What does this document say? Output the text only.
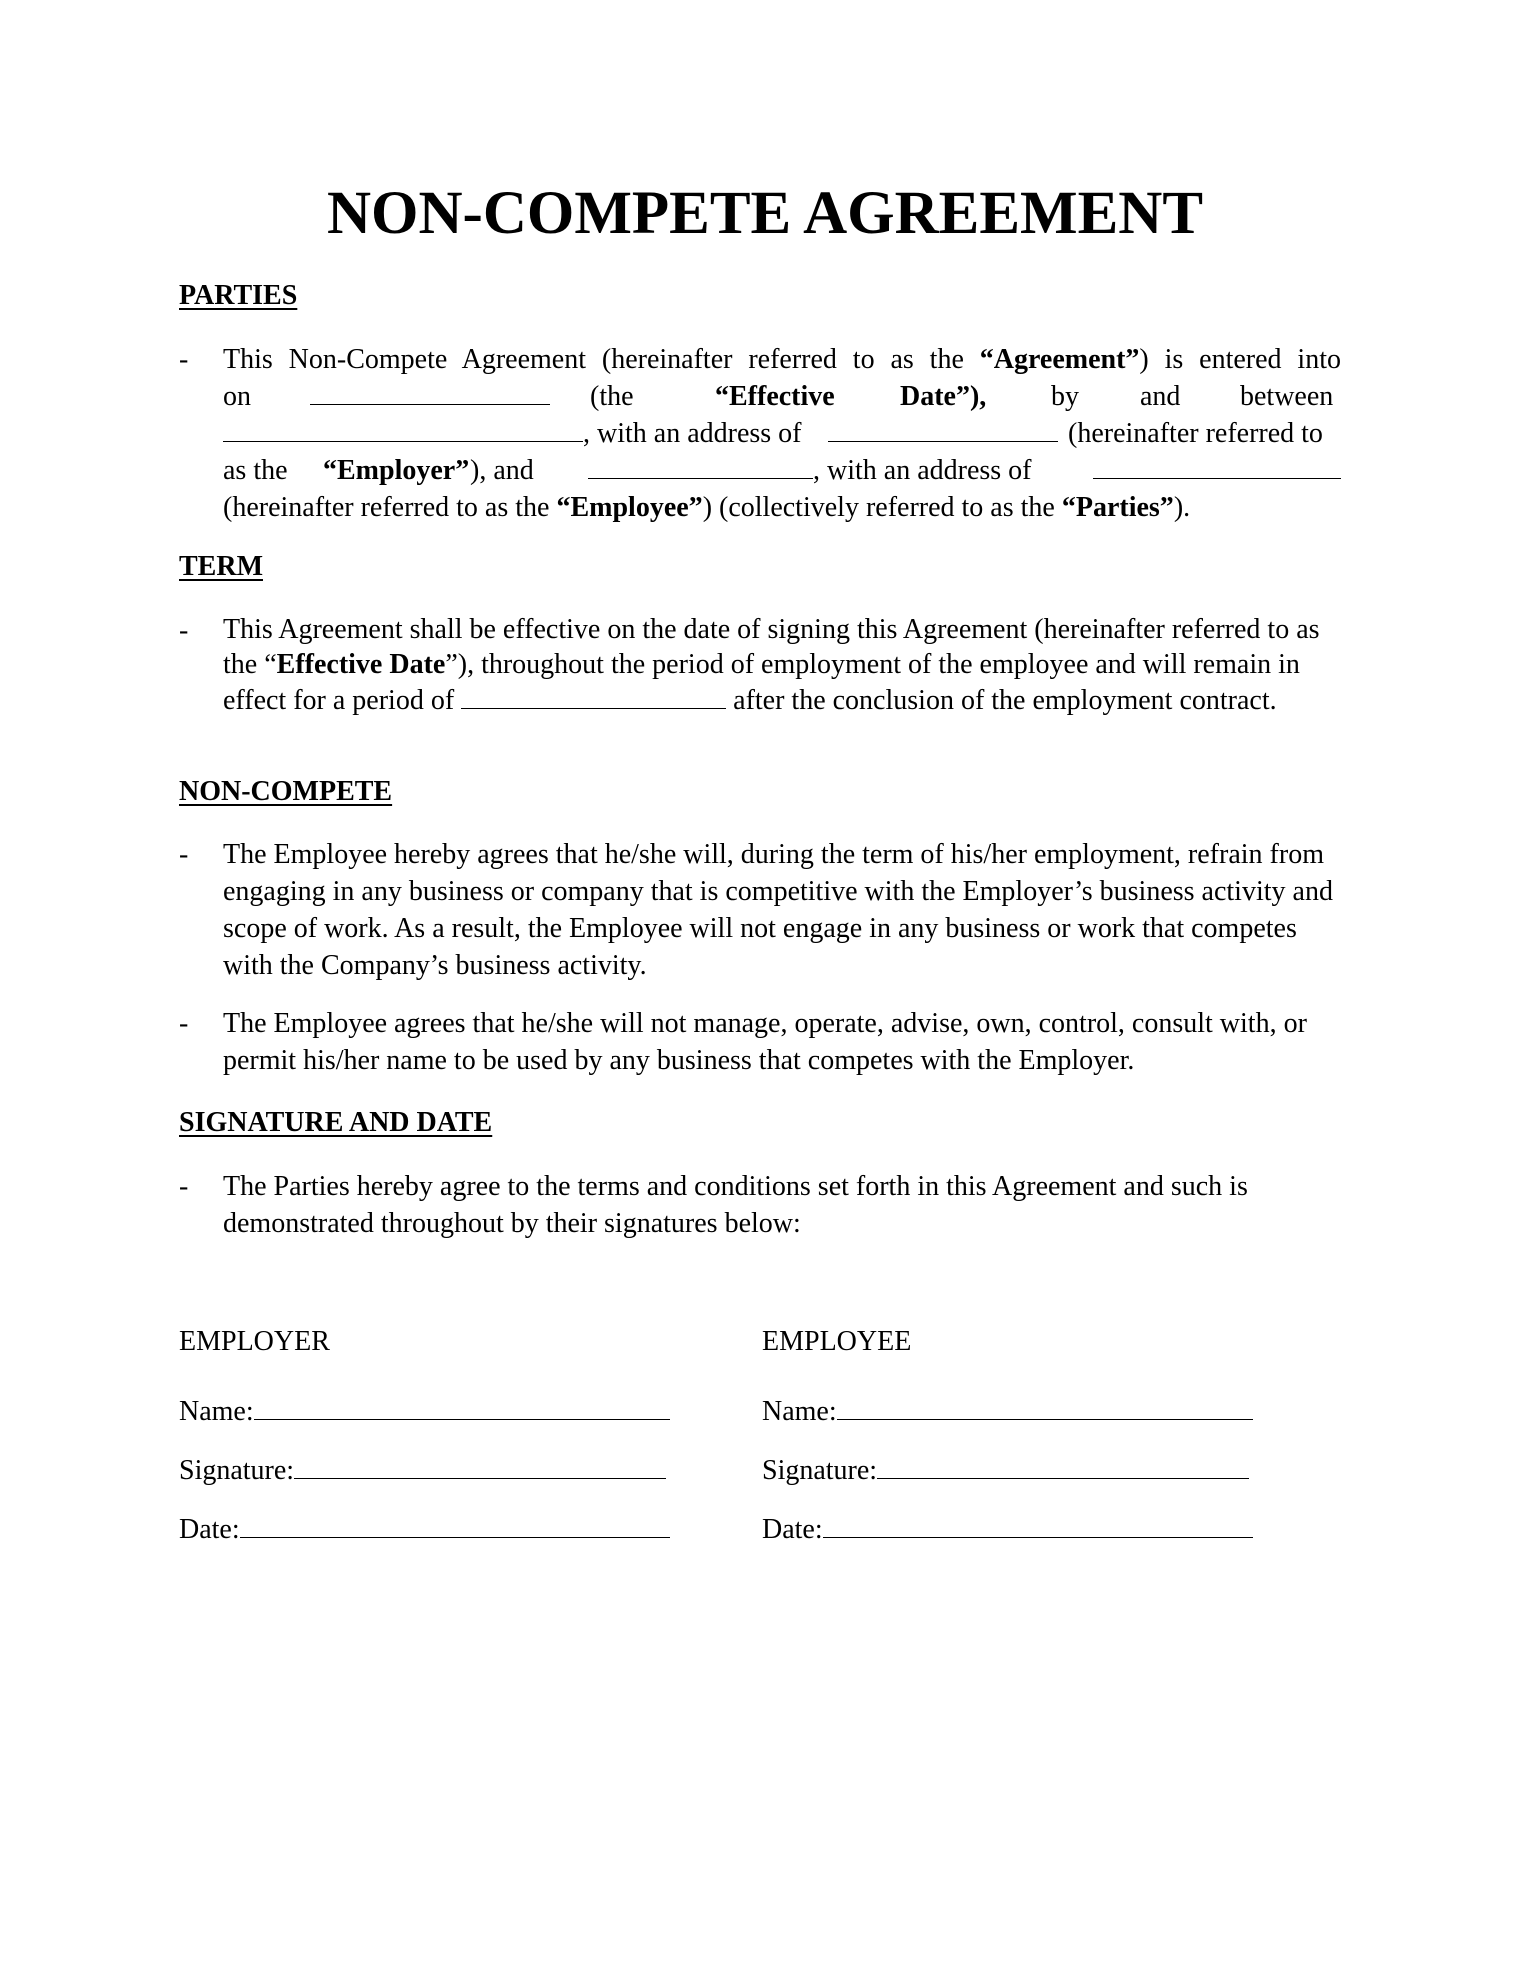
NON-COMPETE AGREEMENT
PARTIES
- This Non-Compete Agreement (hereinafter referred to as the “Agreement”) is entered into
on	(the	“Effective Date”), by and between
, with an address of	(hereinafter referred to
as the “Employer” ), and	, with an address of
(hereinafter referred to as the “Employee”) (collectively referred to as the “Parties”).
TERM
- This Agreement shall be effective on the date of signing this Agreement (hereinafter referred to as the “Effective Date”), throughout the period of employment of the employee and will remain in effect for a period of	after the conclusion of the employment contract.
NON-COMPETE
- The Employee hereby agrees that he/she will, during the term of his/her employment, refrain from engaging in any business or company that is competitive with the Employer’s business activity and scope of work. As a result, the Employee will not engage in any business or work that competes with the Company’s business activity.
- The Employee agrees that he/she will not manage, operate, advise, own, control, consult with, or permit his/her name to be used by any business that competes with the Employer.
SIGNATURE AND DATE
- The Parties hereby agree to the terms and conditions set forth in this Agreement and such is demonstrated throughout by their signatures below:
EMPLOYER
Name:
Signature:
Date:
EMPLOYEE
Name:
Signature:
Date:
